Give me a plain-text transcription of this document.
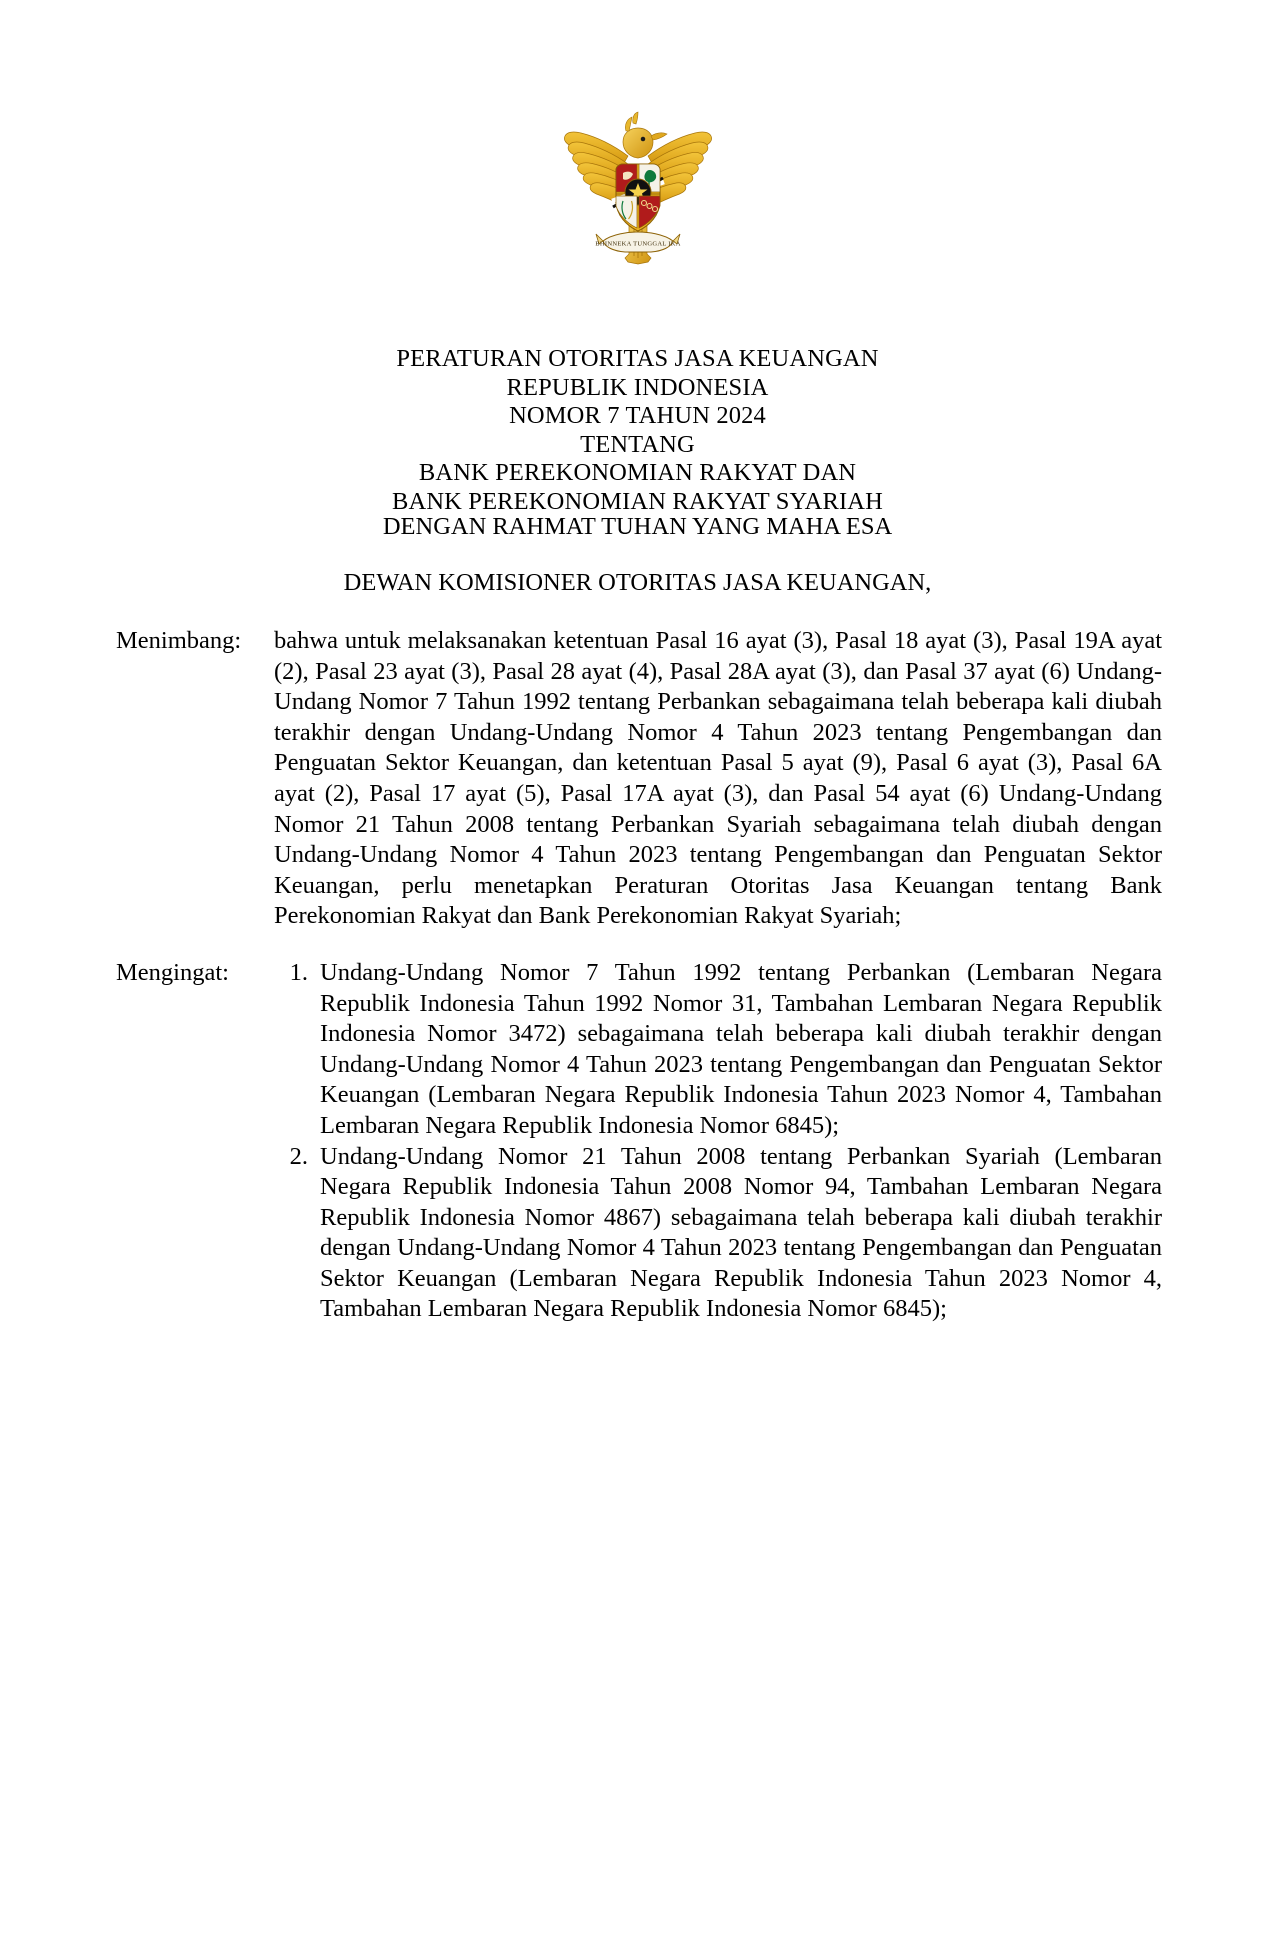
BHINNEKA TUNGGAL IKA
PERATURAN OTORITAS JASA KEUANGAN
REPUBLIK INDONESIA
NOMOR 7 TAHUN 2024
TENTANG
BANK PEREKONOMIAN RAKYAT DAN
BANK PEREKONOMIAN RAKYAT SYARIAH
DENGAN RAHMAT TUHAN YANG MAHA ESA
DEWAN KOMISIONER OTORITAS JASA KEUANGAN,
Menimbang:	bahwa untuk melaksanakan ketentuan Pasal 16 ayat (3), Pasal 18 ayat (3), Pasal 19A ayat (2), Pasal 23 ayat (3), Pasal 28 ayat (4), Pasal 28A ayat (3), dan Pasal 37 ayat (6) Undang-Undang Nomor 7 Tahun 1992 tentang Perbankan sebagaimana telah beberapa kali diubah terakhir dengan Undang-Undang Nomor 4 Tahun 2023 tentang Pengembangan dan Penguatan Sektor Keuangan, dan ketentuan Pasal 5 ayat (9), Pasal 6 ayat (3), Pasal 6A ayat (2), Pasal 17 ayat (5), Pasal 17A ayat (3), dan Pasal 54 ayat (6) Undang-Undang Nomor 21 Tahun 2008 tentang Perbankan Syariah sebagaimana telah diubah dengan Undang-Undang Nomor 4 Tahun 2023 tentang Pengembangan dan Penguatan Sektor Keuangan, perlu menetapkan Peraturan Otoritas Jasa Keuangan tentang Bank Perekonomian Rakyat dan Bank Perekonomian Rakyat Syariah;

Mengingat:	1. Undang-Undang Nomor 7 Tahun 1992 tentang Perbankan (Lembaran Negara Republik Indonesia Tahun 1992 Nomor 31, Tambahan Lembaran Negara Republik Indonesia Nomor 3472) sebagaimana telah beberapa kali diubah terakhir dengan Undang-Undang Nomor 4 Tahun 2023 tentang Pengembangan dan Penguatan Sektor Keuangan (Lembaran Negara Republik Indonesia Tahun 2023 Nomor 4, Tambahan Lembaran Negara Republik Indonesia Nomor 6845);
2. Undang-Undang Nomor 21 Tahun 2008 tentang Perbankan Syariah (Lembaran Negara Republik Indonesia Tahun 2008 Nomor 94, Tambahan Lembaran Negara Republik Indonesia Nomor 4867) sebagaimana telah beberapa kali diubah terakhir dengan Undang-Undang Nomor 4 Tahun 2023 tentang Pengembangan dan Penguatan Sektor Keuangan (Lembaran Negara Republik Indonesia Tahun 2023 Nomor 4, Tambahan Lembaran Negara Republik Indonesia Nomor 6845);
